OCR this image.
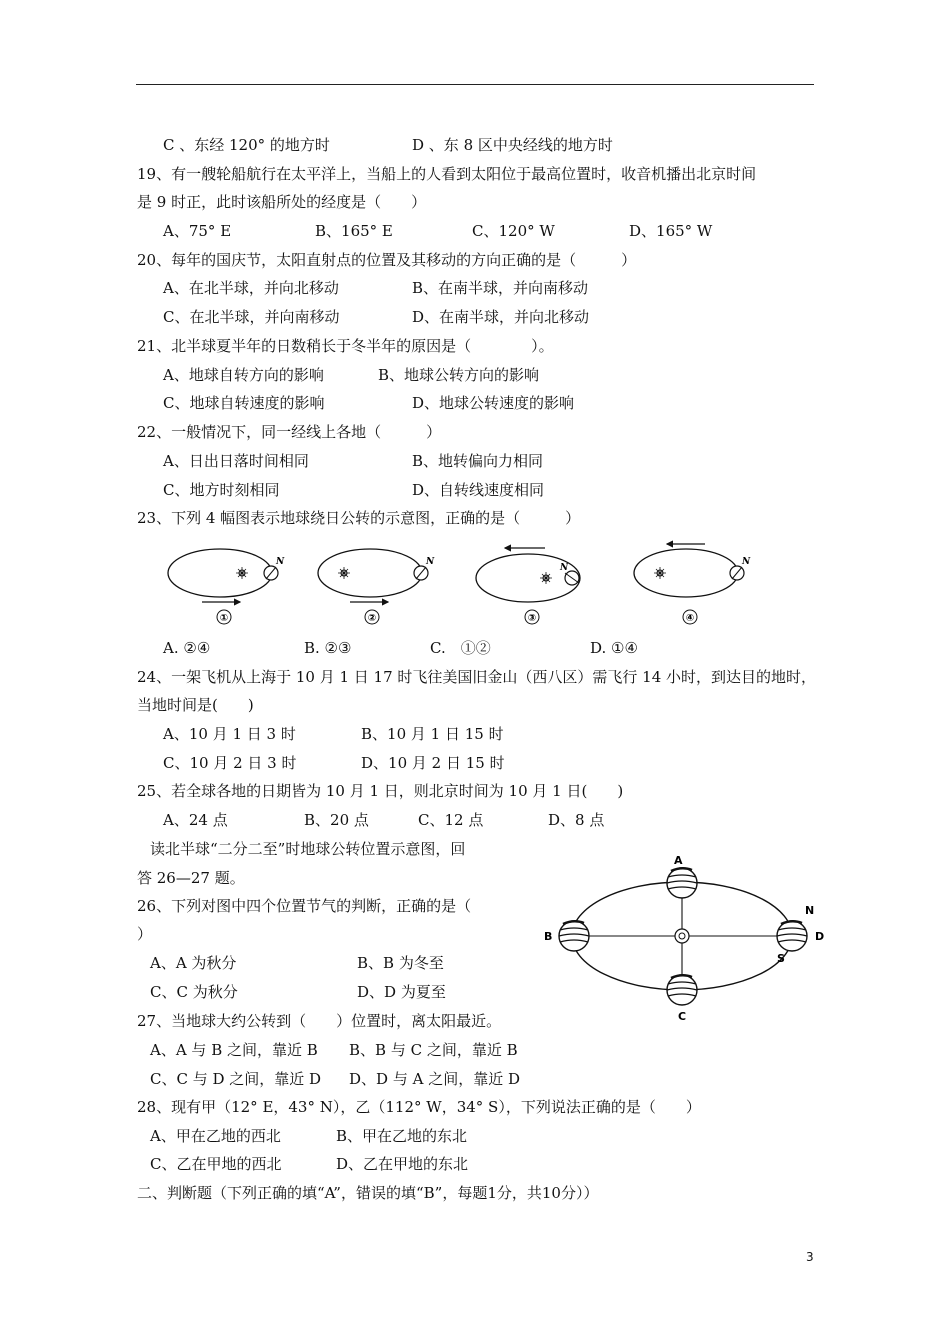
C 、东经 120° 的地方时	D 、东 8 区中央经线的地方时
19、有一艘轮船航行在太平洋上，当船上的人看到太阳位于最高位置时，收音机播出北京时间
是 9 时正，此时该船所处的经度是（　　）
A、75° E	B、165° E	C、120° W	D、165° W
20、每年的国庆节，太阳直射点的位置及其移动的方向正确的是（　　　）
A、在北半球，并向北移动	B、在南半球，并向南移动
C、在北半球，并向南移动	D、在南半球，并向北移动
21、北半球夏半年的日数稍长于冬半年的原因是（　　　　）。
A、地球自转方向的影响	B、地球公转方向的影响
C、地球自转速度的影响	D、地球公转速度的影响
22、一般情况下，同一经线上各地（　　　）
A、日出日落时间相同	B、地转偏向力相同
C、地方时刻相同	D、自转线速度相同
23、下列 4 幅图表示地球绕日公转的示意图，正确的是（　　　）
N
①
N
②
N
③
N
④
A. ②④	B. ②③	C.　①②	D. ①④
24、一架飞机从上海于 10 月 1 日 17 时飞往美国旧金山（西八区）需飞行 14 小时，到达目的地时，
当地时间是(　　)
A、10 月 1 日 3 时	B、10 月 1 日 15 时
C、10 月 2 日 3 时	D、10 月 2 日 15 时
25、若全球各地的日期皆为 10 月 1 日，则北京时间为 10 月 1 日(　　)
A、24 点	B、20 点	C、12 点	D、8 点
读北半球“二分二至”时地球公转位置示意图，回
答 26—27 题。
26、下列对图中四个位置节气的判断，正确的是（
）
A、A 为秋分	B、B 为冬至
C、C 为秋分	D、D 为夏至
A
B
C
D
N
S
27、当地球大约公转到（　　）位置时，离太阳最近。
A、A 与 B 之间，靠近 B B、B 与 C 之间，靠近 B
C、C 与 D 之间，靠近 D D、D 与 A 之间，靠近 D
28、现有甲（12° E，43° N），乙（112° W，34° S），下列说法正确的是（　　）
A、甲在乙地的西北	B、甲在乙地的东北
C、乙在甲地的西北	D、乙在甲地的东北
二、判断题（下列正确的填“A”，错误的填“B”，每题1分，共10分））
3
